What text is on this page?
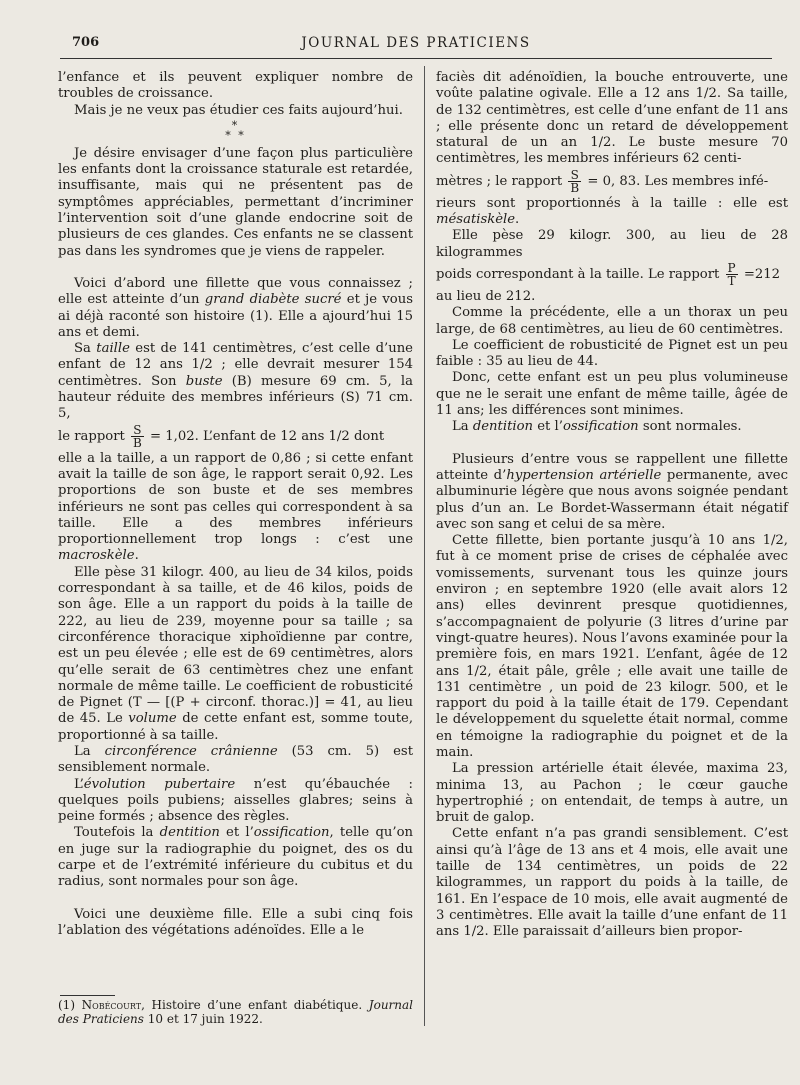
706	JOURNAL DES PRATICIENS

l’enfance et ils peuvent expliquer nombre de troubles de croissance.

Mais je ne veux pas étudier ces faits aujourd’hui.

*
* *

Je désire envisager d’une façon plus particulière les enfants dont la croissance staturale est retardée, insuffisante, mais qui ne présentent pas de symptômes appréciables, permettant d’incriminer l’intervention soit d’une glande endocrine soit de plusieurs de ces glandes. Ces enfants ne se classent pas dans les syndromes que je viens de rappeler.

Voici d’abord une fillette que vous connaissez ; elle est atteinte d’un grand diabète sucré et je vous ai déjà raconté son histoire (1). Elle a ajourd’hui 15 ans et demi.

Sa taille est de 141 centimètres, c’est celle d’une enfant de 12 ans 1/2 ; elle devrait mesurer 154 centimètres. Son buste (B) mesure 69 cm. 5, la hauteur réduite des membres inférieurs (S) 71 cm. 5,

le rapport $\frac{S}{B} = 1,02$. L’enfant de 12 ans 1/2 dont

elle a la taille, a un rapport de 0,86 ; si cette enfant avait la taille de son âge, le rapport serait 0,92. Les proportions de son buste et de ses membres inférieurs ne sont pas celles qui correspondent à sa taille. Elle a des membres inférieurs proportionnellement trop longs : c’est une macroskèle.

Elle pèse 31 kilogr. 400, au lieu de 34 kilos, poids correspondant à sa taille, et de 46 kilos, poids de son âge. Elle a un rapport du poids à la taille de 222, au lieu de 239, moyenne pour sa taille ; sa circonférence thoracique xiphoïdienne par contre, est un peu élevée ; elle est de 69 centimètres, alors qu’elle serait de 63 centimètres chez une enfant normale de même taille. Le coefficient de robusticité de Pignet (T — [(P + circonf. thorac.)] = 41, au lieu de 45. Le volume de cette enfant est, somme toute, proportionné à sa taille.

La circonférence crânienne (53 cm. 5) est sensiblement normale.

L’évolution pubertaire n’est qu’ébauchée : quelques poils pubiens; aisselles glabres; seins à peine formés ; absence des règles.

Toutefois la dentition et l’ossification, telle qu’on en juge sur la radiographie du poignet, des os du carpe et de l’extrémité inférieure du cubitus et du radius, sont normales pour son âge.

Voici une deuxième fille. Elle a subi cinq fois l’ablation des végétations adénoïdes. Elle a le

(1) Nobécourt, Histoire d’une enfant diabétique. Journal des Praticiens 10 et 17 juin 1922.

faciès dit adénoïdien, la bouche entrouverte, une voûte palatine ogivale. Elle a 12 ans 1/2. Sa taille, de 132 centimètres, est celle d’une enfant de 11 ans ; elle présente donc un retard de développement statural de un an 1/2. Le buste mesure 70 centimètres, les membres inférieurs 62 centi-

mètres ; le rapport $\frac{S}{B} = 0$, 83. Les membres infé-

rieurs sont proportionnés à la taille : elle est mésatiskèle.

Elle pèse 29 kilogr. 300, au lieu de 28 kilogrammes

poids correspondant à la taille. Le rapport $\frac{P}{T} =212$

au lieu de 212.

Comme la précédente, elle a un thorax un peu large, de 68 centimètres, au lieu de 60 centimètres.

Le coefficient de robusticité de Pignet est un peu faible : 35 au lieu de 44.

Donc, cette enfant est un peu plus volumineuse que ne le serait une enfant de même taille, âgée de 11 ans; les différences sont minimes.

La dentition et l’ossification sont normales.

Plusieurs d’entre vous se rappellent une fillette atteinte d’hypertension artérielle permanente, avec albuminurie légère que nous avons soignée pendant plus d’un an. Le Bordet-Wassermann était négatif avec son sang et celui de sa mère.

Cette fillette, bien portante jusqu’à 10 ans 1/2, fut à ce moment prise de crises de céphalée avec vomissements, survenant tous les quinze jours environ ; en septembre 1920 (elle avait alors 12 ans) elles devinrent presque quotidiennes, s’accompagnaient de polyurie (3 litres d’urine par vingt-quatre heures). Nous l’avons examinée pour la première fois, en mars 1921. L’enfant, âgée de 12 ans 1/2, était pâle, grêle ; elle avait une taille de 131 centimètre , un poid de 23 kilogr. 500, et le rapport du poid à la taille était de 179. Cependant le développement du squelette était normal, comme en témoigne la radiographie du poignet et de la main.

La pression artérielle était élevée, maxima 23, minima 13, au Pachon ; le cœur gauche hypertrophié ; on entendait, de temps à autre, un bruit de galop.

Cette enfant n’a pas grandi sensiblement. C’est ainsi qu’à l’âge de 13 ans et 4 mois, elle avait une taille de 134 centimètres, un poids de 22 kilogrammes, un rapport du poids à la taille, de 161. En l’espace de 10 mois, elle avait augmenté de 3 centimètres. Elle avait la taille d’une enfant de 11 ans 1/2. Elle paraissait d’ailleurs bien propor-
